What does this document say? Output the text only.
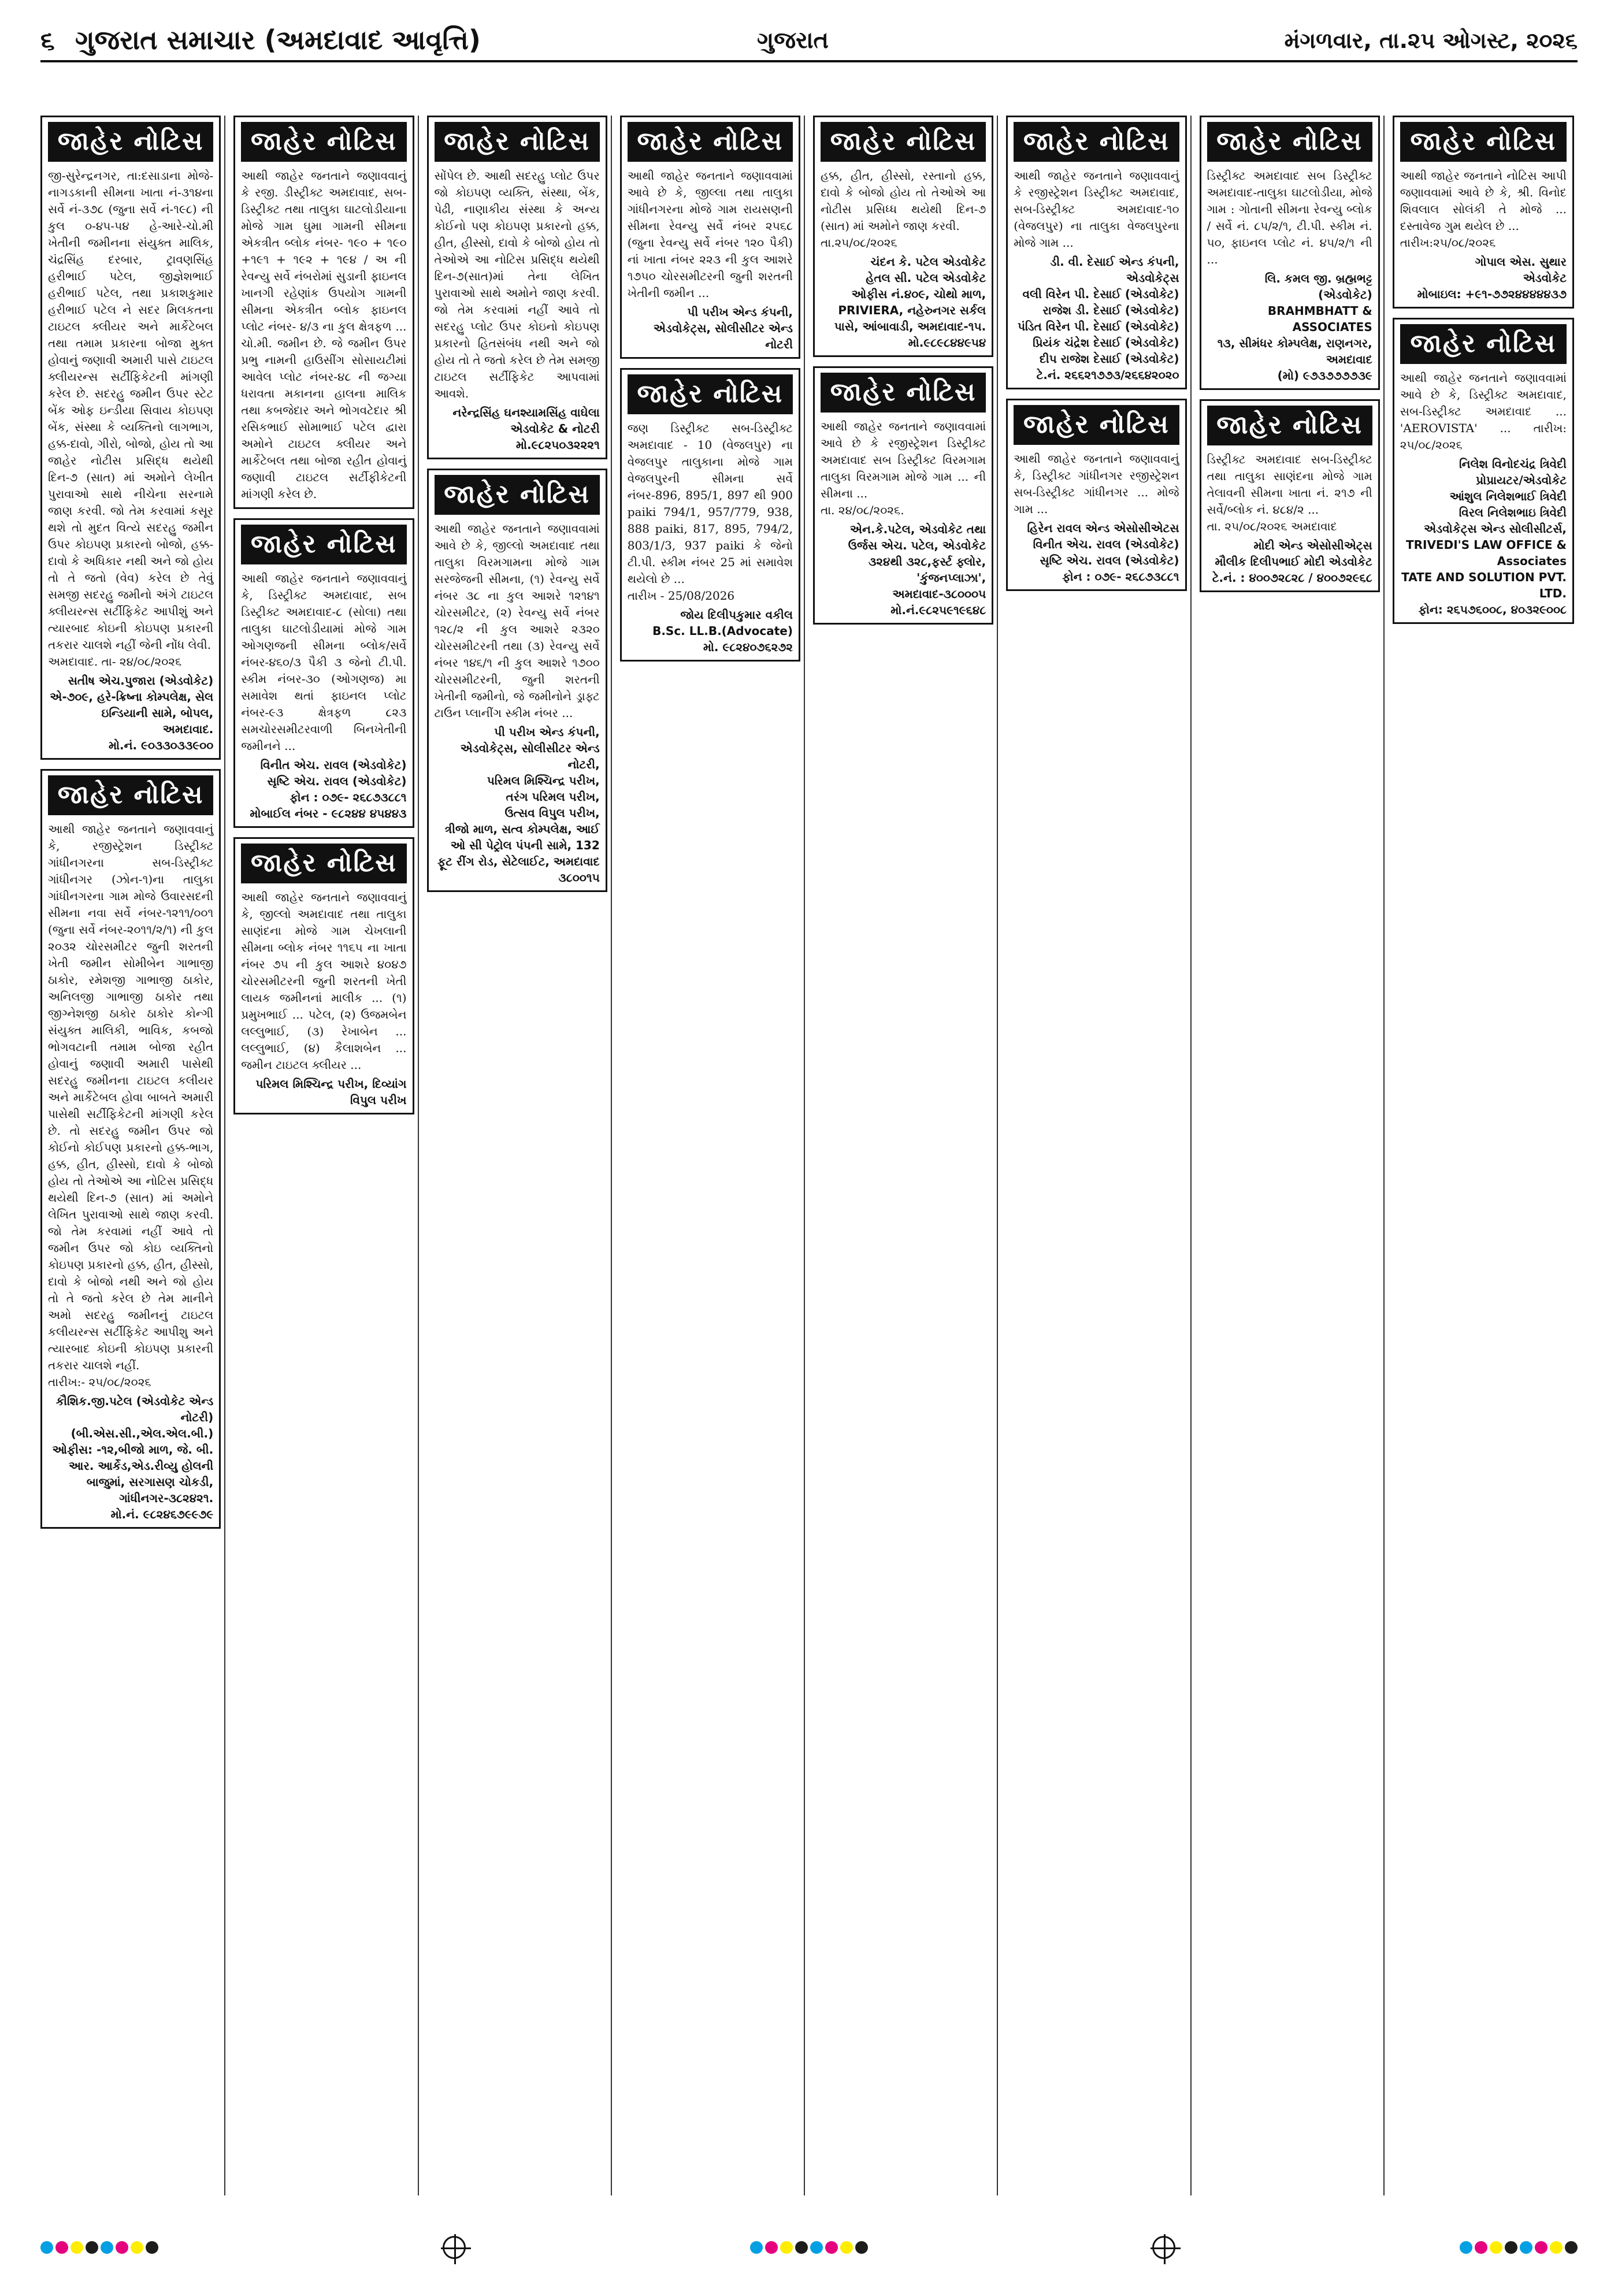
૬ ગુજરાત સમાચાર (અમદાવાદ આવૃત્તિ)	ગુજરાત	મંગળવાર, તા.૨૫ ઓગસ્ટ, ૨૦૨૬
જાહેર નોટિસ
જી-સુરેન્દ્રનગર, તા:દસાડાના મોજે- નાગડકાની સીમના ખાતા નં-૩૧૪ના સર્વે નં-૩૭૮ (જુના સર્વે નં-૧૯૮) ની કુલ ૦-૪૫-૫૪ હે-આરે-ચો.મી ખેતીની જમીનના સંયુક્ત માલિક, ચંદ્રસિંહ દરબાર, ટ્રાવણસિંહ હરીભાઈ પટેલ, જીજ્ઞેશભાઈ હરીભાઈ પટેલ, તથા પ્રકાશકુમાર હરીભાઈ પટેલ ને સદર મિલકતના ટાઇટલ ક્લીયર અને માર્કેટેબલ તથા તમામ પ્રકારના બોજા મુક્ત હોવાનું જણાવી અમારી પાસે ટાઇટલ ક્લીયરન્સ સર્ટીફિકેટની માંગણી કરેલ છે. સદરહુ જમીન ઉપર સ્ટેટ બેંક ઓફ ઇન્ડીયા સિવાય કોઇપણ બેંક, સંસ્થા કે વ્યક્તિનો લાગભાગ, હક્ક-દાવો, ગીરો, બોજો, હોય તો આ જાહેર નોટીસ પ્રસિદ્ધ થયેથી દિન-૭ (સાત) માં અમોને લેખીત પુરાવાઓ સાથે નીચેના સરનામે જાણ કરવી. જો તેમ કરવામાં કસૂર થશે તો મુદત વિત્યે સદરહુ જમીન ઉપર કોઇપણ પ્રકારનો બોજો, હક્ક-દાવો કે અધિકાર નથી અને જો હોય તો તે જતો (વેવ) કરેલ છે તેવું સમજી સદરહુ જમીનો અંગે ટાઇટલ ક્લીયરન્સ સર્ટીફિકેટ આપીશું અને ત્યારબાદ કોઇની કોઇપણ પ્રકારની તકરાર ચાલશે નહીં જેની નોંધ લેવી.
અમદાવાદ. તા- ૨૪/૦૮/૨૦૨૬
સતીષ એચ.પુજારા (એડવોકેટ)
એ-૭૦૯, હરે-ક્રિષ્ના કોમ્પલેક્ષ, સેલ ઇન્ડિયાની સામે, બોપલ, અમદાવાદ.
મો.નં. ૯૦૩૩૦૩૩૯૦૦
જાહેર નોટિસ
આથી જાહેર જનતાને જણાવવાનું કે, રજીસ્ટ્રેશન ડિસ્ટ્રીક્ટ ગાંધીનગરના સબ-ડિસ્ટ્રીક્ટ ગાંધીનગર (ઝોન-૧)ના તાલુકા ગાંધીનગરના ગામ મોજે ઉવારસદની સીમના નવા સર્વે નંબર-૧૨૧૧/૦૦૧ (જુના સર્વે નંબર-૨૦૧૧/૨/૧) ની કુલ ૨૦૩૨ ચોરસમીટર જુની શરતની ખેતી જમીન સોમીબેન ગાભાજી ઠાકોર, રમેશજી ગાભાજી ઠાકોર, અનિલજી ગાભાજી ઠાકોર તથા જીગ્નેશજી ઠાકોર ઠાકોર કોન્ગી સંયુક્ત માલિકી, ભાવિક, કબજો ભોગવટાની તમામ બોજા રહીત હોવાનું જણાવી અમારી પાસેથી સદરહુ જમીનના ટાઇટલ કલીયર અને માર્કેટેબલ હોવા બાબતે અમારી પાસેથી સર્ટીફિકેટની માંગણી કરેલ છે. તો સદરહુ જમીન ઉપર જો કોઈનો કોઈપણ પ્રકારનો હક્ક-ભાગ, હક્ક, હીત, હીસ્સો, દાવો કે બોજો હોય તો તેઓએ આ નોટિસ પ્રસિદ્ધ થયેથી દિન-૭ (સાત) માં અમોને લેખિત પુરાવાઓ સાથે જાણ કરવી. જો તેમ કરવામાં નહીં આવે તો જમીન ઉપર જો કોઇ વ્યક્તિનો કોઇપણ પ્રકારનો હક્ક, હીત, હીસ્સો, દાવો કે બોજો નથી અને જો હોય તો તે જતો કરેલ છે તેમ માનીને અમો સદરહુ જમીનનું ટાઇટલ કલીયરન્સ સર્ટીફિકેટ આપીશુ અને ત્યારબાદ કોઇની કોઇપણ પ્રકારની તકરાર ચાલશે નહીં.
તારીખ:- ૨૫/૦૮/૨૦૨૬
કૌશિક.જી.પટેલ (એડવોકેટ એન્ડ નોટરી)
(બી.એસ.સી.,એલ.એલ.બી.)
ઓફીસ: -૧૨,બીજો માળ, જે. બી. આર. આર્કેડ,એડ.રીવ્યુ હોલની બાજુમાં, સરગાસણ ચોકડી, ગાંધીનગર-૩૮૨૪૨૧.
મો.નં. ૯૮૨૪૬૭૯૯૭૯
જાહેર નોટિસ
આથી જાહેર જનતાને જણાવવાનું કે રજી. ડીસ્ટ્રીક્ટ અમદાવાદ, સબ-ડિસ્ટ્રીક્ટ તથા તાલુકા ઘાટલોડીયાના મોજે ગામ ઘુમા ગામની સીમના એકત્રીત બ્લોક નંબર- ૧૯૦ + ૧૯૦ +૧૯૧ + ૧૯૨ + ૧૯૪ / અ ની રેવન્યુ સર્વે નંબરોમાં સુડાની ફાઇનલ ખાનગી રહેણાંક ઉપયોગ ગામની સીમના એકત્રીત બ્લોક ફાઇનલ પ્લોટ નંબર- ૪/૩ ના કુલ ક્ષેત્રફળ ... ચો.મી. જમીન છે. જે જમીન ઉપર પ્રભુ નામની હાઉસીંગ સોસાયટીમાં આવેલ પ્લોટ નંબર-૪૮ ની જગ્યા ધરાવતા મકાનના હાલના માલિક તથા કબજેદાર અને ભોગવટેદાર શ્રી રસિકભાઈ સોમાભાઈ પટેલ દ્વારા અમોને ટાઇટલ ક્લીયર અને માર્કેટેબલ તથા બોજા રહીત હોવાનું જણાવી ટાઇટલ સર્ટીફીકેટની માંગણી કરેલ છે.
જાહેર નોટિસ
આથી જાહેર જનતાને જણાવવાનું કે, ડિસ્ટ્રીક્ટ અમદાવાદ, સબ ડિસ્ટ્રીક્ટ અમદાવાદ-૮ (સોલા) તથા તાલુકા ઘાટલોડીયામાં મોજે ગામ ઓગણજની સીમના બ્લોક/સર્વે નંબર-૪૬૦/૩ પૈકી ૩ જેનો ટી.પી. સ્કીમ નંબર-૩૦ (ઓગણજ) મા સમાવેશ થતાં ફાઇનલ પ્લોટ નંબર-૯૩ ક્ષેત્રફળ ૮૨૩ સમચોરસમીટરવાળી બિનખેતીની જમીનને ...
વિનીત એચ. રાવલ (એડવોકેટ)
સૃષ્ટિ એચ. રાવલ (એડવોકેટ)
ફોન : ૦૭૯- ૨૬૮૭૩૮૮૧
મોબાઈલ નંબર - ૯૮૨૪૪ ૪૫૪૪૩
જાહેર નોટિસ
આથી જાહેર જનતાને જણાવવાનું કે, જીલ્લો અમદાવાદ તથા તાલુકા સાણંદના મોજે ગામ ચેખલાની સીમના બ્લોક નંબર ૧૧૬૫ ના ખાતા નંબર ૭૫ ની કુલ આશરે ૪૦૪૭ ચોરસમીટરની જુની શરતની ખેતી લાયક જમીનનાં માલીક ... (૧) પ્રમુખભાઈ ... પટેલ, (૨) ઉજમબેન લલ્લુભાઈ, (૩) રેખાબેન ... લલ્લુભાઈ, (૪) કૈલાશબેન ... જમીન ટાઇટલ ક્લીયર ...
પરિમલ મિશ્ચિન્દ્ર પરીખ, દિવ્યાંગ વિપુલ પરીખ
જાહેર નોટિસ
સોંપેલ છે. આથી સદરહુ પ્લોટ ઉપર જો કોઇપણ વ્યક્તિ, સંસ્થા, બેંક, પેઢી, નાણાકીય સંસ્થા કે અન્ય કોઈનો પણ કોઇપણ પ્રકારનો હક્ક, હીત, હીસ્સો, દાવો કે બોજો હોય તો તેઓએ આ નોટિસ પ્રસિદ્ધ થયેથી દિન-૭(સાત)માં તેના લેખિત પુરાવાઓ સાથે અમોને જાણ કરવી. જો તેમ કરવામાં નહીં આવે તો સદરહુ પ્લોટ ઉપર કોઇનો કોઇપણ પ્રકારનો હિતસંબંધ નથી અને જો હોય તો તે જતો કરેલ છે તેમ સમજી ટાઇટલ સર્ટીફિકેટ આપવામાં આવશે.
નરેન્દ્રસિંહ ઘનશ્યામસિંહ વાઘેલા
એડવોકેટ & નોટરી
મો.૯૮૨૫૦૩૨૨૨૧
જાહેર નોટિસ
આથી જાહેર જનતાને જણાવવામાં આવે છે કે, જીલ્લો અમદાવાદ તથા તાલુકા વિરમગામના મોજે ગામ સરજેજની સીમના, (૧) રેવન્યુ સર્વે નંબર ૩૮ ના કુલ આશરે ૧૨૧૪૧ ચોરસમીટર, (૨) રેવન્યુ સર્વે નંબર ૧૨૮/૨ ની કુલ આશરે ૨૩૨૦ ચોરસમીટરની તથા (૩) રેવન્યુ સર્વે નંબર ૧૪૬/૧ ની કુલ આશરે ૧૭૦૦ ચોરસમીટરની, જુની શરતની ખેતીની જમીનો, જે જમીનોને ડ્રાફ્ટ ટાઉન પ્લાનીંગ સ્કીમ નંબર ...
પી પરીખ એન્ડ કંપની,
એડવોકેટ્સ, સોલીસીટર એન્ડ નોટરી,
પરિમલ મિશ્ચિન્દ્ર પરીખ,
તરંગ પરિમલ પરીખ,
ઉત્સવ વિપુલ પરીખ,
ત્રીજો માળ, સત્વ કોમ્પલેક્ષ, આઈ ઓ સી પેટ્રોલ પંપની સામે, 132 ફૂટ રીંગ રોડ, સેટેલાઈટ, અમદાવાદ ૩૮૦૦૧૫
જાહેર નોટિસ
આથી જાહેર જનતાને જણાવવામાં આવે છે કે, જીલ્લા તથા તાલુકા ગાંધીનગરના મોજે ગામ રાયસણની સીમના રેવન્યુ સર્વે નંબર ૨૫૬૮ (જુના રેવન્યુ સર્વે નંબર ૧૨૦ પૈકી) નાં ખાતા નંબર ૨૨૩ ની કુલ આશરે ૧૭૫૦ ચોરસમીટરની જુની શરતની ખેતીની જમીન ...
પી પરીખ એન્ડ કંપની,
એડવોકેટ્સ, સોલીસીટર એન્ડ નોટરી
જાહેર નોટિસ
જણ ડિસ્ટ્રીક્ટ સબ-ડિસ્ટ્રીક્ટ અમદાવાદ - 10 (વેજલપુર) ના વેજલપુર તાલુકાના મોજે ગામ વેજલપુરની સીમના સર્વે નંબર-896, 895/1, 897 થી 900 paiki 794/1, 957/779, 938, 888 paiki, 817, 895, 794/2, 803/1/3, 937 paiki કે જેનો ટી.પી. સ્કીમ નંબર 25 માં સમાવેશ થયેલો છે ...
તારીખ - 25/08/2026
જોય દિલીપકુમાર વકીલ
B.Sc. LL.B.(Advocate)
મો. ૯૮૨૪૦૭૬૨૭૨
જાહેર નોટિસ
હક્ક, હીત, હીસ્સો, રસ્તાનો હક્ક, દાવો કે બોજો હોય તો તેઓએ આ નોટીસ પ્રસિધ્ધ થયેથી દિન-૭ (સાત) માં અમોને જાણ કરવી.
તા.૨૫/૦૮/૨૦૨૬
ચંદન કે. પટેલ એડવોકેટ
હેતલ સી. પટેલ એડવોકેટ
ઓફીસ નં.૪૦૯, ચોથો માળ, PRIVIERA, નહેરુનગર સર્કલ પાસે, આંબાવાડી, અમદાવાદ-૧૫.
મો.૯૮૯૮૪૪૯૫૪
જાહેર નોટિસ
આથી જાહેર જનતાને જણાવવામાં આવે છે કે રજીસ્ટ્રેશન ડિસ્ટ્રીક્ટ અમદાવાદ સબ ડિસ્ટ્રીક્ટ વિરમગામ તાલુકા વિરમગામ મોજે ગામ ... ની સીમના ...
તા. ૨૪/૦૮/૨૦૨૬.
એન.કે.પટેલ, એડવોકેટ તથા
ઉર્જસ એચ. પટેલ, એડવોકેટ
૩૨૪થી ૩૨૮,ફર્સ્ટ ફ્લોર, 'કુંજનપ્લાઝા', અમદાવાદ-૩૮૦૦૦૫
મો.નં.૯૮૨૫૯૧૯૬૪૮
જાહેર નોટિસ
આથી જાહેર જનતાને જણાવવાનું કે રજીસ્ટ્રેશન ડિસ્ટ્રીક્ટ અમદાવાદ, સબ-ડિસ્ટ્રીક્ટ અમદાવાદ-૧૦ (વેજલપુર) ના તાલુકા વેજલપુરના મોજે ગામ ...
ડી. વી. દેસાઈ એન્ડ કંપની, એડવોકેટ્સ
વલી વિરેન પી. દેસાઈ (એડવોકેટ)
રાજેશ ડી. દેસાઈ (એડવોકેટ)
પંડિત વિરેન પી. દેસાઈ (એડવોકેટ)
પ્રિયંક ચંદ્રેશ દેસાઈ (એડવોકેટ)
દીપ રાજેશ દેસાઈ (એડવોકેટ)
ટે.નં. ૨૬૬૨૧૭૭૩/૨૬૬૪૨૦૨૦
જાહેર નોટિસ
આથી જાહેર જનતાને જણાવવાનું કે, ડિસ્ટ્રીક્ટ ગાંધીનગર રજીસ્ટ્રેશન સબ-ડિસ્ટ્રીક્ટ ગાંધીનગર ... મોજે ગામ ...
હિરેન રાવલ એન્ડ એસોસીએટસ
વિનીત એચ. રાવલ (એડવોકેટ)
સૃષ્ટિ એચ. રાવલ (એડવોકેટ)
ફોન : ૦૭૯- ૨૬૮૭૩૮૮૧
જાહેર નોટિસ
ડિસ્ટ્રીક્ટ અમદાવાદ સબ ડિસ્ટ્રીક્ટ અમદાવાદ-તાલુકા ઘાટલોડીયા, મોજે ગામ : ગોતાની સીમના રેવન્યુ બ્લોક / સર્વે નં. ૮૫/૨/૧, ટી.પી. સ્કીમ નં. ૫૦, ફાઇનલ પ્લોટ નં. ૪૫/૨/૧ ની ...
લિ. કમલ જી. બ્રહ્મભટ્ટ (એડવોકેટ)
BRAHMBHATT & ASSOCIATES
૧૩, સીમંધર કોમ્પલેક્ષ, રાણનગર, અમદાવાદ
(મો) ૯૭૩૭૭૭૭૩૯
જાહેર નોટિસ
ડિસ્ટ્રીક્ટ અમદાવાદ સબ-ડિસ્ટ્રીક્ટ તથા તાલુકા સાણંદના મોજે ગામ તેલાવની સીમના ખાતા નં. ૨૧૭ ની સર્વે/બ્લોક નં. ૪૮૪/૨ ...
તા. ૨૫/૦૮/૨૦૨૬ અમદાવાદ
મોદી એન્ડ એસોસીએટ્સ
મૌલીક દિલીપભાઈ મોદી એડવોકેટ
ટે.નં. : ૪૦૦૭૨૮૨૮ / ૪૦૦૭૨૯૬૮
જાહેર નોટિસ
આથી જાહેર જનતાને નોટિસ આપી જણાવવામાં આવે છે કે, શ્રી. વિનોદ શિવલાલ સોલંકી તે મોજે ... દસ્તાવેજ ગુમ થયેલ છે ...
તારીખ:૨૫/૦૮/૨૦૨૬
ગોપાલ એસ. સુથાર
એડવોકેટ
મોબાઇલ: +૯૧-૭૭૨૪૪૪૪૪૩૭
જાહેર નોટિસ
આથી જાહેર જનતાને જણાવવામાં આવે છે કે, ડિસ્ટ્રીક્ટ અમદાવાદ, સબ-ડિસ્ટ્રીક્ટ અમદાવાદ ... 'AEROVISTA' ... તારીખ: ૨૫/૦૮/૨૦૨૬
નિલેશ વિનોદચંદ્ર ત્રિવેદી
પ્રોપ્રાયટર/એડવોકેટ
આંશુલ નિલેશભાઈ ત્રિવેદી
વિરલ નિલેશભાઇ ત્રિવેદી
એડવોકેટ્સ એન્ડ સોલીસીટર્સ,
TRIVEDI'S LAW OFFICE & Associates
TATE AND SOLUTION PVT. LTD.
ફોન: ૨૬૫૭૬૦૦૮, ૪૦૩૨૯૦૦૮
